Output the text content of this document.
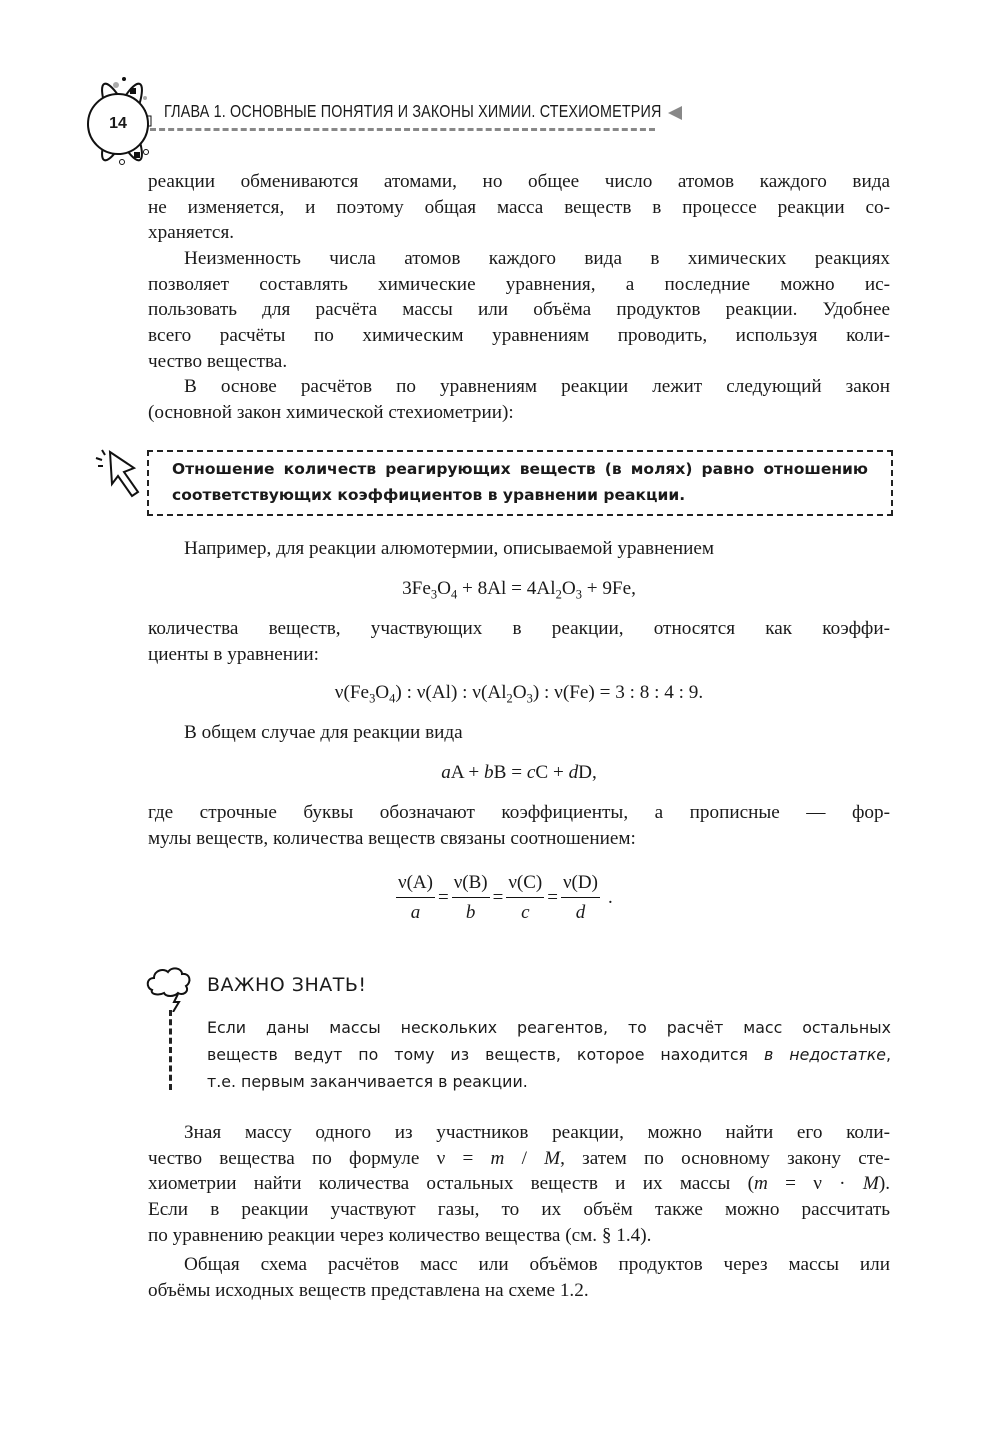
14
ГЛАВА 1. ОСНОВНЫЕ ПОНЯТИЯ И ЗАКОНЫ ХИМИИ. СТЕХИОМЕТРИЯ
реакции обмениваются атомами, но общее число атомов каждого вида
не изменяется, и поэтому общая масса веществ в процессе реакции со-
храняется.
Неизменность числа атомов каждого вида в химических реакциях
позволяет составлять химические уравнения, а последние можно ис-
пользовать для расчёта массы или объёма продуктов реакции. Удобнее
всего расчёты по химическим уравнениям проводить, используя коли-
чество вещества.
В основе расчётов по уравнениям реакции лежит следующий закон
(основной закон химической стехиометрии):
Отношение количеств реагирующих веществ (в молях) равно отношению
соответствующих коэффициентов в уравнении реакции.
Например, для реакции алюмотермии, описываемой уравнением
$3Fe_3O_4 + 8Al = 4Al_2O_3 + 9Fe$,
количества веществ, участвующих в реакции, относятся как коэффи-
циенты в уравнении:
$\nu(Fe_3O_4)$ : ν(Al) : $\nu(Al_2O_3)$ : ν(Fe) = 3 : 8 : 4 : 9.
В общем случае для реакции вида
aA + bB = cC + dD,
где строчные буквы обозначают коэффициенты, а прописные — фор-
мулы веществ, количества веществ связаны соотношением:
$\frac{\nu(A)}{a} = \frac{\nu(B)}{b} = \frac{\nu(C)}{c} = \frac{\nu(D)}{d}$ .
ВАЖНО ЗНАТЬ!
Если даны массы нескольких реагентов, то расчёт масс остальных
веществ ведут по тому из веществ, которое находится в недостатке,
т.е. первым заканчивается в реакции.
Зная массу одного из участников реакции, можно найти его коли-
чество вещества по формуле ν = m / M, затем по основному закону сте-
хиометрии найти количества остальных веществ и их массы (m = ν · M).
Если в реакции участвуют газы, то их объём также можно рассчитать
по уравнению реакции через количество вещества (см. § 1.4).
Общая схема расчётов масс или объёмов продуктов через массы или
объёмы исходных веществ представлена на схеме 1.2.
